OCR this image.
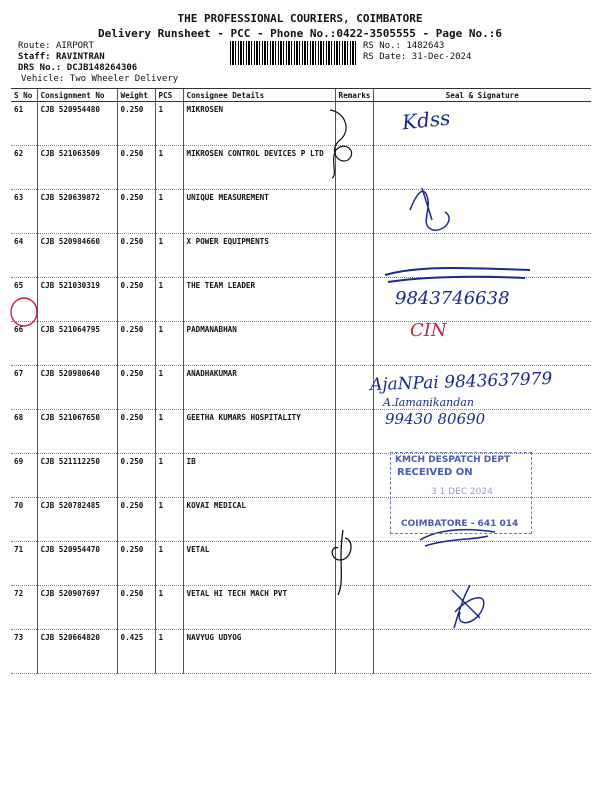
THE PROFESSIONAL COURIERS, COIMBATORE
Delivery Runsheet - PCC - Phone No.:0422-3505555 - Page No.:6
Route: AIRPORT
Staff: RAVINTRAN
DRS No.: DCJB148264306
Vehicle: Two Wheeler Delivery
RS No.: 1482643
RS Date: 31-Dec-2024
S No	Consignment No	Weight	PCS	Consignee Details	Remarks	Seal & Signature
61	CJB 520954480	0.250	1	MIKROSEN		
62	CJB 521063509	0.250	1	MIKROSEN CONTROL DEVICES P LTD		
63	CJB 520639872	0.250	1	UNIQUE MEASUREMENT		
64	CJB 520984660	0.250	1	X POWER EQUIPMENTS		
65	CJB 521030319	0.250	1	THE TEAM LEADER		
66	CJB 521064795	0.250	1	PADMANABHAN		
67	CJB 520980640	0.250	1	ANADHAKUMAR		
68	CJB 521067650	0.250	1	GEETHA KUMARS HOSPITALITY		
69	CJB 521112250	0.250	1	IB		
70	CJB 520782485	0.250	1	KOVAI MEDICAL		
71	CJB 520954470	0.250	1	VETAL		
72	CJB 520907697	0.250	1	VETAL HI TECH MACH PVT		
73	CJB 520664820	0.425	1	NAVYUG UDYOG		
Kdss
9843746638
CIN
AjaNPai 9843637979
A.Iamanikandan
99430 80690
KMCH DESPATCH DEPT
RECEIVED ON
3 1 DEC 2024
COIMBATORE - 641 014
